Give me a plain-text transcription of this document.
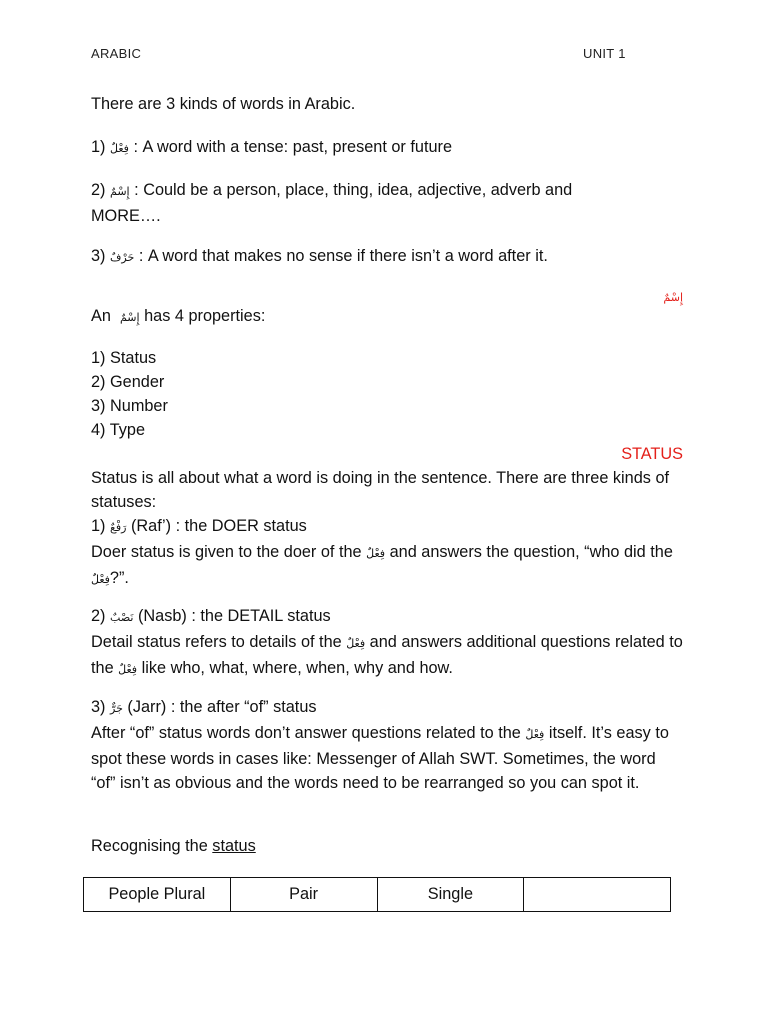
ARABIC	UNIT 1

There are 3 kinds of words in Arabic.

1) فِعْلٌ : A word with a tense: past, present or future

2) إِسْمٌ : Could be a person, place, thing, idea, adjective, adverb and
MORE….

3) حَرْفٌ : A word that makes no sense if there isn’t a word after it.

إِسْمٌ

An إِسْمٌ has 4 properties:

1) Status
2) Gender
3) Number
4) Type

STATUS

Status is all about what a word is doing in the sentence. There are three kinds of statuses:

1) رَفْعٌ (Raf’) : the DOER status
Doer status is given to the doer of the فِعْلٌ and answers the question, “who did the فِعْلٌ?”.
2) نَصْبٌ (Nasb) : the DETAIL status
Detail status refers to details of the فِعْلٌ and answers additional questions related to the فِعْلٌ like who, what, where, when, why and how.
3) جَرٌّ (Jarr) : the after “of” status
After “of” status words don’t answer questions related to the فِعْلٌ itself. It’s easy to spot these words in cases like: Messenger of Allah SWT. Sometimes, the word “of” isn’t as obvious and the words need to be rearranged so you can spot it.

Recognising the status

People Plural	Pair	Single	
